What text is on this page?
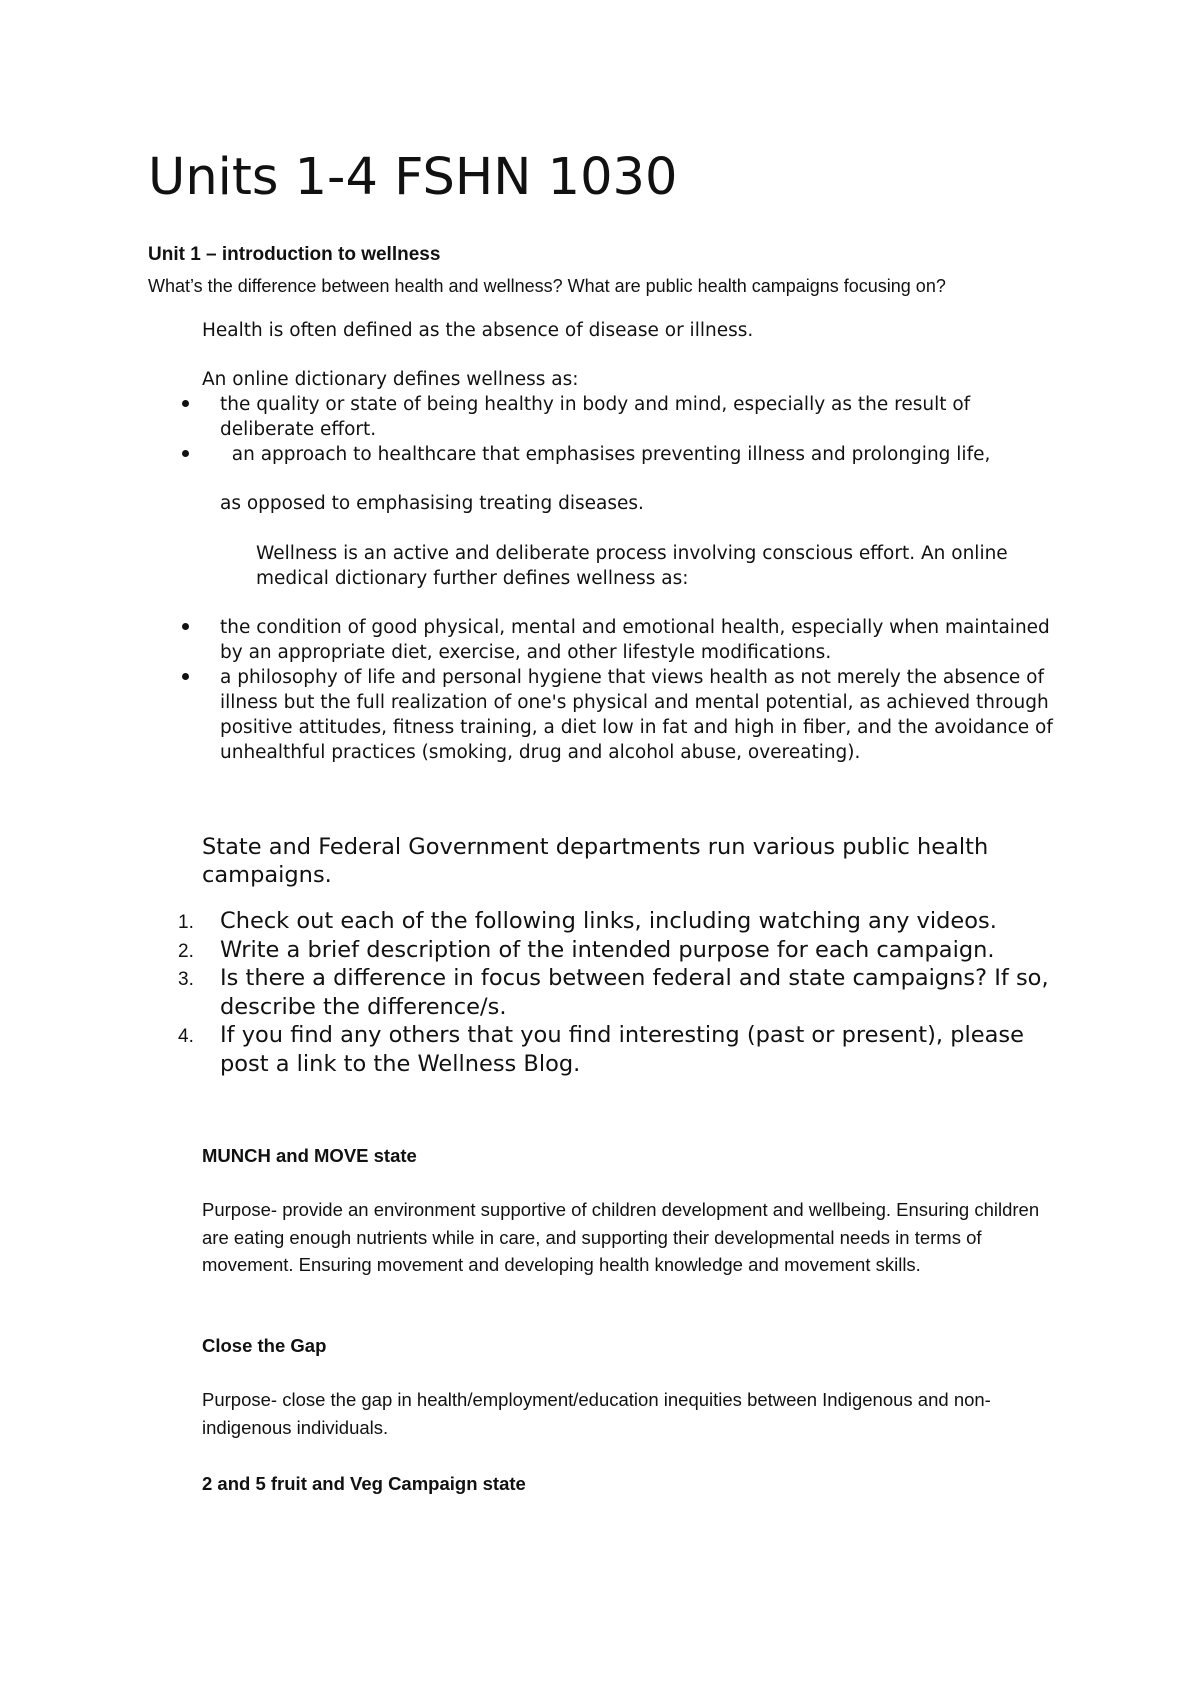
Units 1-4 FSHN 1030
Unit 1 – introduction to wellness
What’s the difference between health and wellness? What are public health campaigns focusing on?

Health is often defined as the absence of disease or illness.

An online dictionary defines wellness as:

the quality or state of being healthy in body and mind, especially as the result of deliberate effort.
an approach to healthcare that emphasises preventing illness and prolonging life,

as opposed to emphasising treating diseases.

Wellness is an active and deliberate process involving conscious effort. An online medical dictionary further defines wellness as:

the condition of good physical, mental and emotional health, especially when maintained by an appropriate diet, exercise, and other lifestyle modifications.
a philosophy of life and personal hygiene that views health as not merely the absence of illness but the full realization of one's physical and mental potential, as achieved through positive attitudes, fitness training, a diet low in fat and high in fiber, and the avoidance of unhealthful practices (smoking, drug and alcohol abuse, overeating).
State and Federal Government departments run various public health campaigns.
1. Check out each of the following links, including watching any videos.
2. Write a brief description of the intended purpose for each campaign.
3. Is there a difference in focus between federal and state campaigns? If so, describe the difference/s.
4. If you find any others that you find interesting (past or present), please post a link to the Wellness Blog.
MUNCH and MOVE state
Purpose- provide an environment supportive of children development and wellbeing. Ensuring children are eating enough nutrients while in care, and supporting their developmental needs in terms of movement. Ensuring movement and developing health knowledge and movement skills.
Close the Gap
Purpose- close the gap in health/employment/education inequities between Indigenous and non-indigenous individuals.
2 and 5 fruit and Veg Campaign state
